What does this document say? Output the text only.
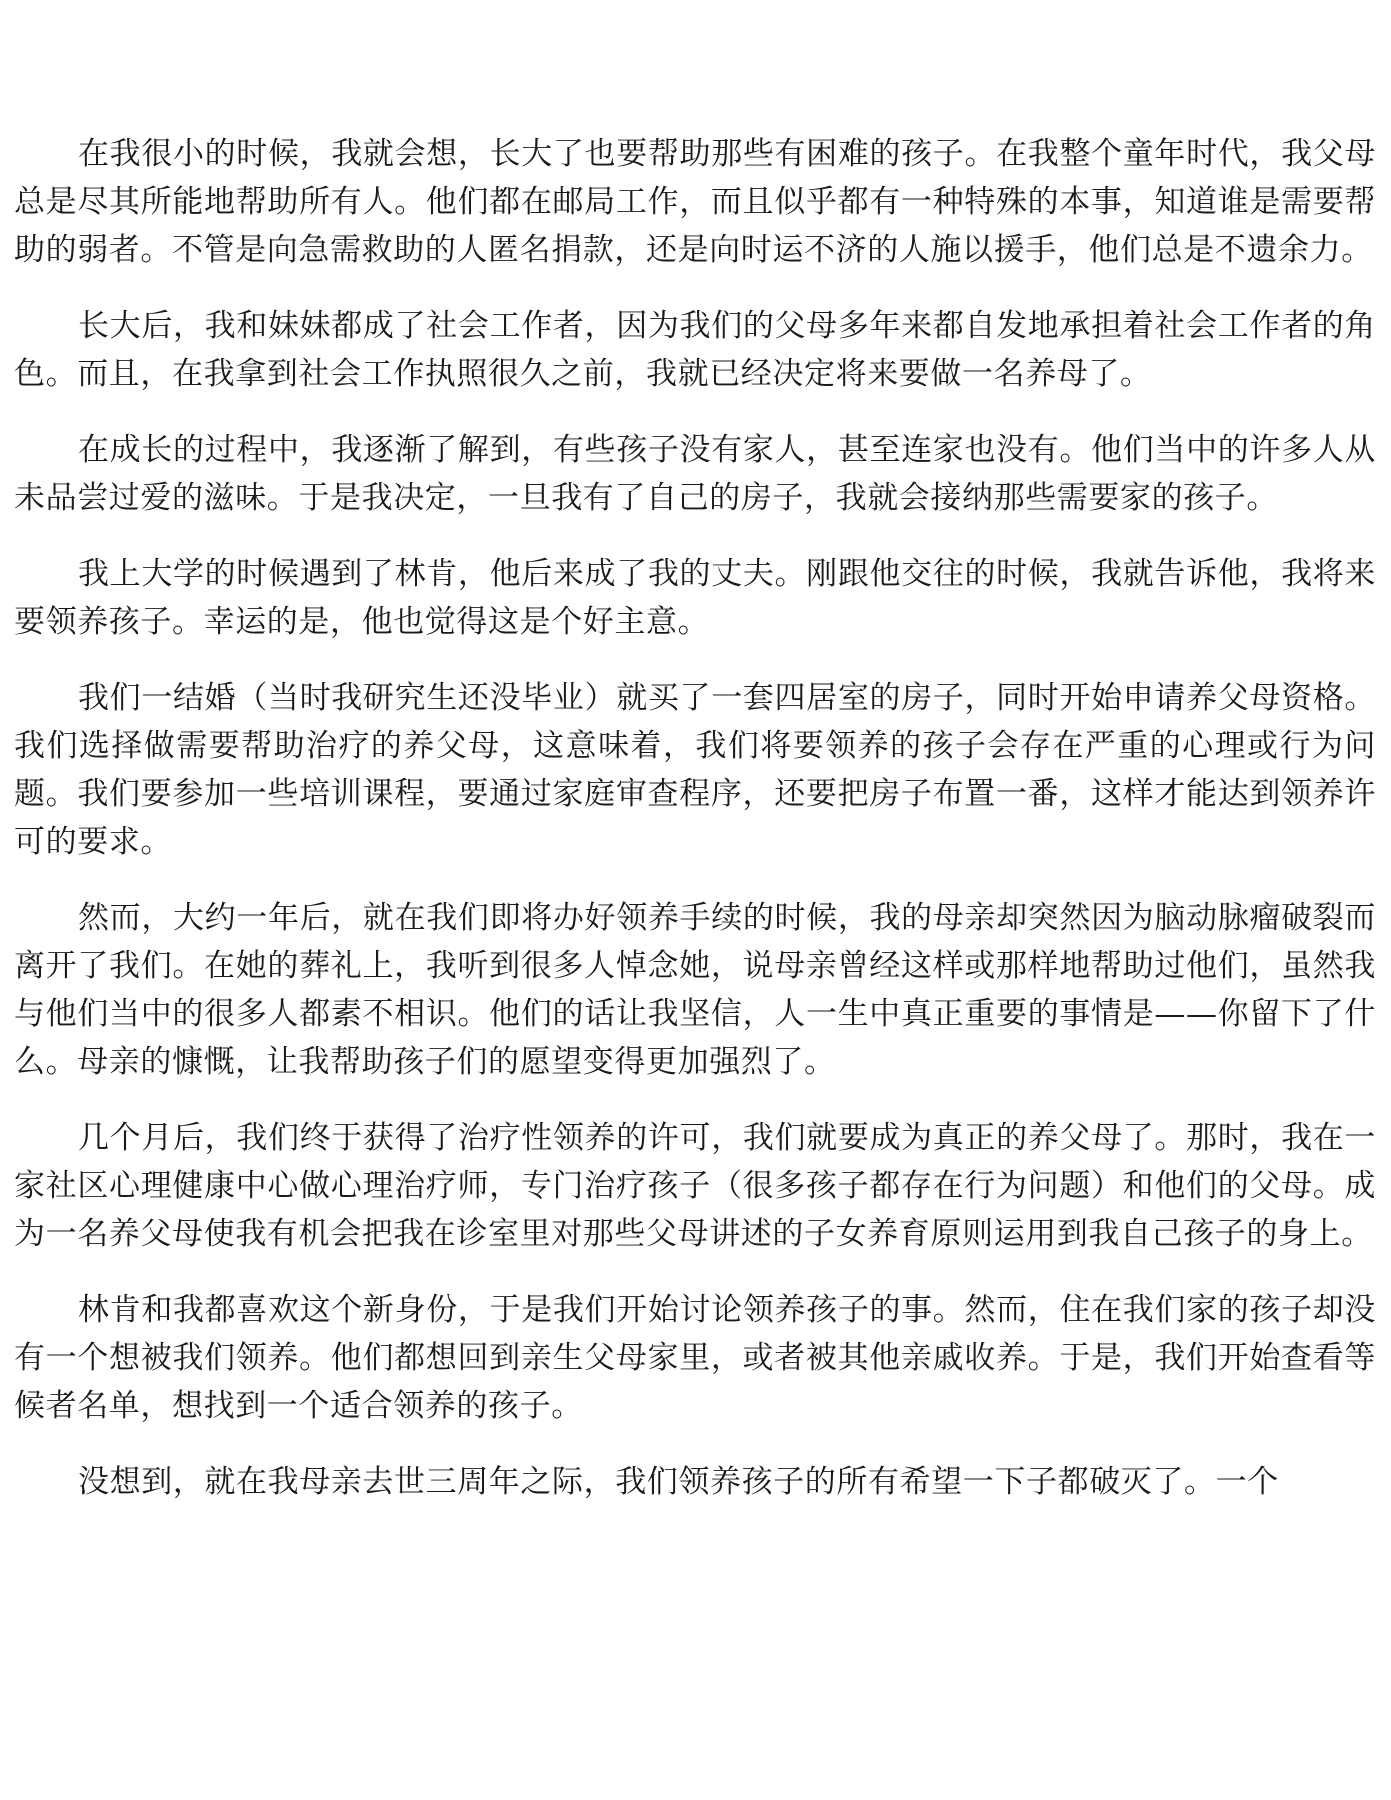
在我很小的时候，我就会想，长大了也要帮助那些有困难的孩子。在我整个童年时代，我父母总是尽其所能地帮助所有人。他们都在邮局工作，而且似乎都有一种特殊的本事，知道谁是需要帮助的弱者。不管是向急需救助的人匿名捐款，还是向时运不济的人施以援手，他们总是不遗余力。

长大后，我和妹妹都成了社会工作者，因为我们的父母多年来都自发地承担着社会工作者的角色。而且，在我拿到社会工作执照很久之前，我就已经决定将来要做一名养母了。

在成长的过程中，我逐渐了解到，有些孩子没有家人，甚至连家也没有。他们当中的许多人从未品尝过爱的滋味。于是我决定，一旦我有了自己的房子，我就会接纳那些需要家的孩子。

我上大学的时候遇到了林肯，他后来成了我的丈夫。刚跟他交往的时候，我就告诉他，我将来要领养孩子。幸运的是，他也觉得这是个好主意。

我们一结婚（当时我研究生还没毕业）就买了一套四居室的房子，同时开始申请养父母资格。我们选择做需要帮助治疗的养父母，这意味着，我们将要领养的孩子会存在严重的心理或行为问题。我们要参加一些培训课程，要通过家庭审查程序，还要把房子布置一番，这样才能达到领养许可的要求。

然而，大约一年后，就在我们即将办好领养手续的时候，我的母亲却突然因为脑动脉瘤破裂而离开了我们。在她的葬礼上，我听到很多人悼念她，说母亲曾经这样或那样地帮助过他们，虽然我与他们当中的很多人都素不相识。他们的话让我坚信，人一生中真正重要的事情是——你留下了什么。母亲的慷慨，让我帮助孩子们的愿望变得更加强烈了。

几个月后，我们终于获得了治疗性领养的许可，我们就要成为真正的养父母了。那时，我在一家社区心理健康中心做心理治疗师，专门治疗孩子（很多孩子都存在行为问题）和他们的父母。成为一名养父母使我有机会把我在诊室里对那些父母讲述的子女养育原则运用到我自己孩子的身上。

林肯和我都喜欢这个新身份，于是我们开始讨论领养孩子的事。然而，住在我们家的孩子却没有一个想被我们领养。他们都想回到亲生父母家里，或者被其他亲戚收养。于是，我们开始查看等候者名单，想找到一个适合领养的孩子。

没想到，就在我母亲去世三周年之际，我们领养孩子的所有希望一下子都破灭了。一个
